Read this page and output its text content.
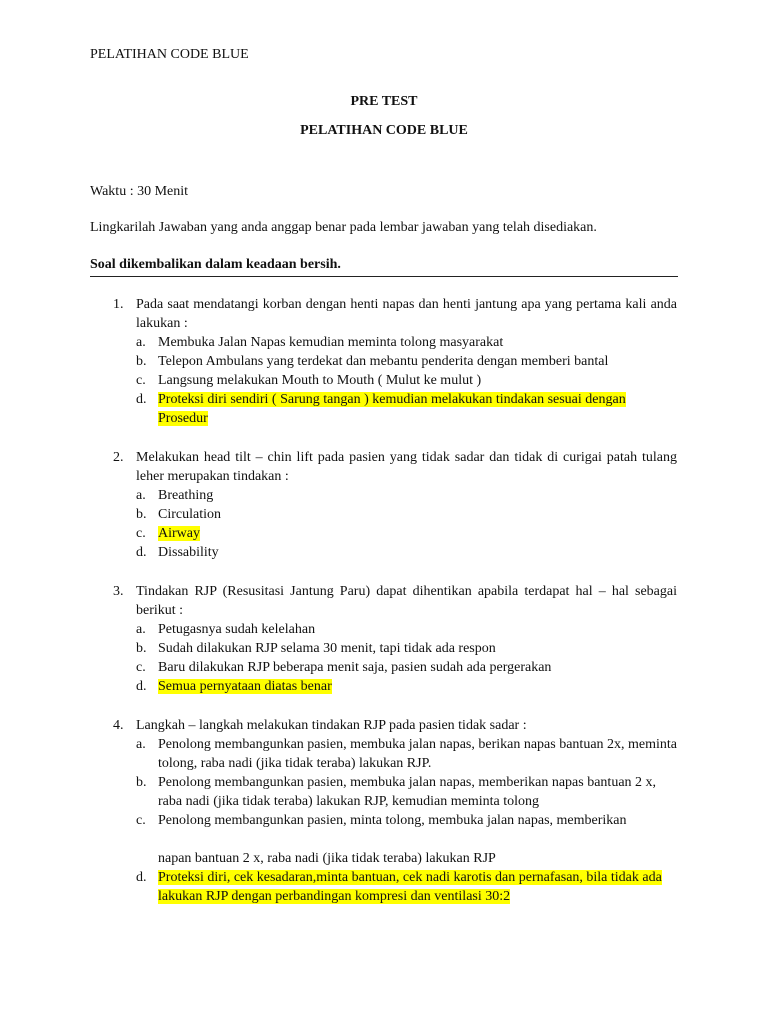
PELATIHAN CODE BLUE
PRE TEST
PELATIHAN CODE BLUE
Waktu : 30 Menit
Lingkarilah Jawaban yang anda anggap benar pada lembar jawaban yang telah disediakan.
Soal dikembalikan dalam keadaan bersih.
1. Pada saat mendatangi korban dengan henti napas dan henti jantung apa yang pertama kali anda lakukan :
a. Membuka Jalan Napas kemudian meminta tolong masyarakat
b. Telepon Ambulans yang terdekat dan mebantu penderita dengan memberi bantal
c. Langsung melakukan Mouth to Mouth ( Mulut ke mulut )
d. Proteksi diri sendiri ( Sarung tangan ) kemudian melakukan tindakan sesuai dengan Prosedur
2. Melakukan head tilt – chin lift pada pasien yang tidak sadar dan tidak di curigai patah tulang leher merupakan tindakan :
a. Breathing
b. Circulation
c. Airway
d. Dissability
3. Tindakan RJP (Resusitasi Jantung Paru) dapat dihentikan apabila terdapat hal – hal sebagai berikut :
a. Petugasnya sudah kelelahan
b. Sudah dilakukan RJP selama 30 menit, tapi tidak ada respon
c. Baru dilakukan RJP beberapa menit saja, pasien sudah ada pergerakan
d. Semua pernyataan diatas benar
4. Langkah – langkah melakukan tindakan RJP pada pasien tidak sadar :
a. Penolong membangunkan pasien, membuka jalan napas, berikan napas bantuan 2x, meminta tolong, raba nadi (jika tidak teraba) lakukan RJP.
b. Penolong membangunkan pasien, membuka jalan napas, memberikan napas bantuan 2 x, raba nadi (jika tidak teraba) lakukan RJP, kemudian meminta tolong
c. Penolong membangunkan pasien, minta tolong, membuka jalan napas, memberikan
napan bantuan 2 x, raba nadi (jika tidak teraba) lakukan RJP
d. Proteksi diri, cek kesadaran,minta bantuan, cek nadi karotis dan pernafasan, bila tidak ada lakukan RJP dengan perbandingan kompresi dan ventilasi 30:2
